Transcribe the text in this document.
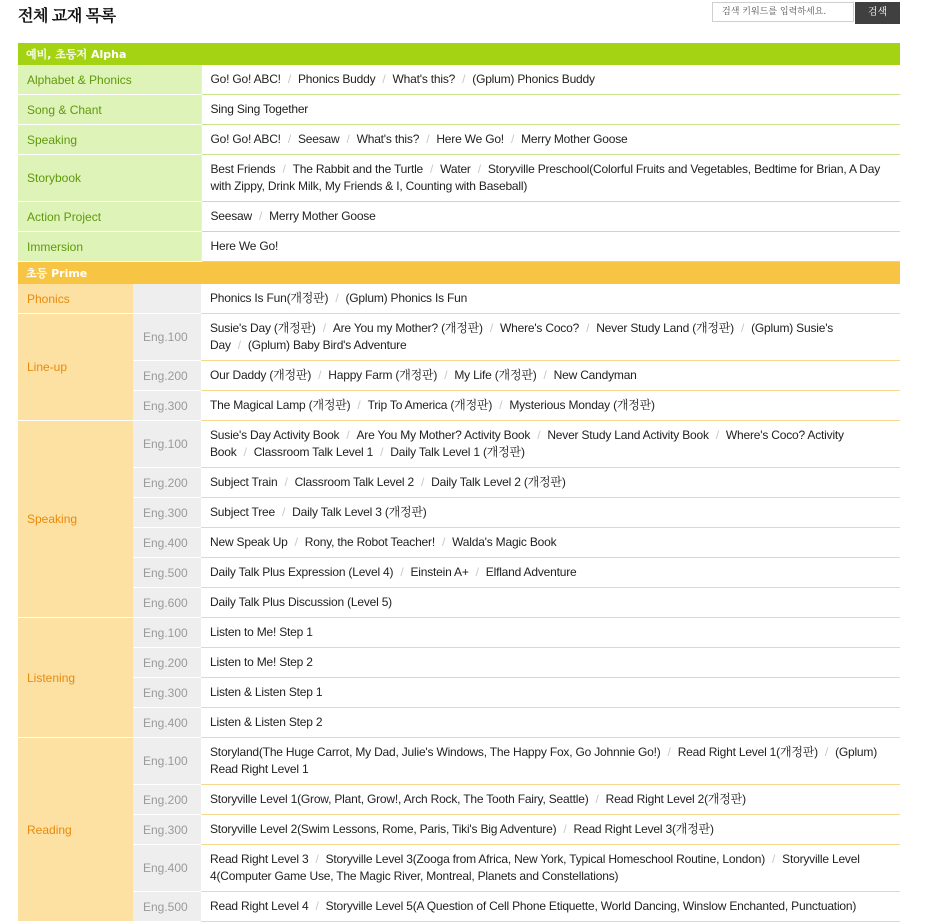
전체 교재 목록
검색 키워드를 입력하세요.	검색
예비, 초등저 Alpha		
Alphabet & Phonics		Go! Go! ABC! / Phonics Buddy / What's this? / (Gplum) Phonics Buddy
Song & Chant		Sing Sing Together
Speaking		Go! Go! ABC! / Seesaw / What's this? / Here We Go! / Merry Mother Goose
Storybook		Best Friends / The Rabbit and the Turtle / Water / Storyville Preschool(Colorful Fruits and Vegetables, Bedtime for Brian, A Day with Zippy, Drink Milk, My Friends & I, Counting with Baseball)
Action Project		Seesaw / Merry Mother Goose
Immersion		Here We Go!
초등 Prime		
Phonics		Phonics Is Fun(개정판) / (Gplum) Phonics Is Fun
Line-up	Eng.100	Susie's Day (개정판) / Are You my Mother? (개정판) / Where's Coco? / Never Study Land (개정판) / (Gplum) Susie's Day / (Gplum) Baby Bird's Adventure
	Eng.200	Our Daddy (개정판) / Happy Farm (개정판) / My Life (개정판) / New Candyman
	Eng.300	The Magical Lamp (개정판) / Trip To America (개정판) / Mysterious Monday (개정판)
Speaking	Eng.100	Susie's Day Activity Book / Are You My Mother? Activity Book / Never Study Land Activity Book / Where's Coco? Activity Book / Classroom Talk Level 1 / Daily Talk Level 1 (개정판)
	Eng.200	Subject Train / Classroom Talk Level 2 / Daily Talk Level 2 (개정판)
	Eng.300	Subject Tree / Daily Talk Level 3 (개정판)
	Eng.400	New Speak Up / Rony, the Robot Teacher! / Walda's Magic Book
	Eng.500	Daily Talk Plus Expression (Level 4) / Einstein A+ / Elfland Adventure
	Eng.600	Daily Talk Plus Discussion (Level 5)
Listening	Eng.100	Listen to Me! Step 1
	Eng.200	Listen to Me! Step 2
	Eng.300	Listen & Listen Step 1
	Eng.400	Listen & Listen Step 2
Reading	Eng.100	Storyland(The Huge Carrot, My Dad, Julie's Windows, The Happy Fox, Go Johnnie Go!) / Read Right Level 1(개정판) / (Gplum) Read Right Level 1
	Eng.200	Storyville Level 1(Grow, Plant, Grow!, Arch Rock, The Tooth Fairy, Seattle) / Read Right Level 2(개정판)
	Eng.300	Storyville Level 2(Swim Lessons, Rome, Paris, Tiki's Big Adventure) / Read Right Level 3(개정판)
	Eng.400	Read Right Level 3 / Storyville Level 3(Zooga from Africa, New York, Typical Homeschool Routine, London) / Storyville Level 4(Computer Game Use, The Magic River, Montreal, Planets and Constellations)
	Eng.500	Read Right Level 4 / Storyville Level 5(A Question of Cell Phone Etiquette, World Dancing, Winslow Enchanted, Punctuation)
